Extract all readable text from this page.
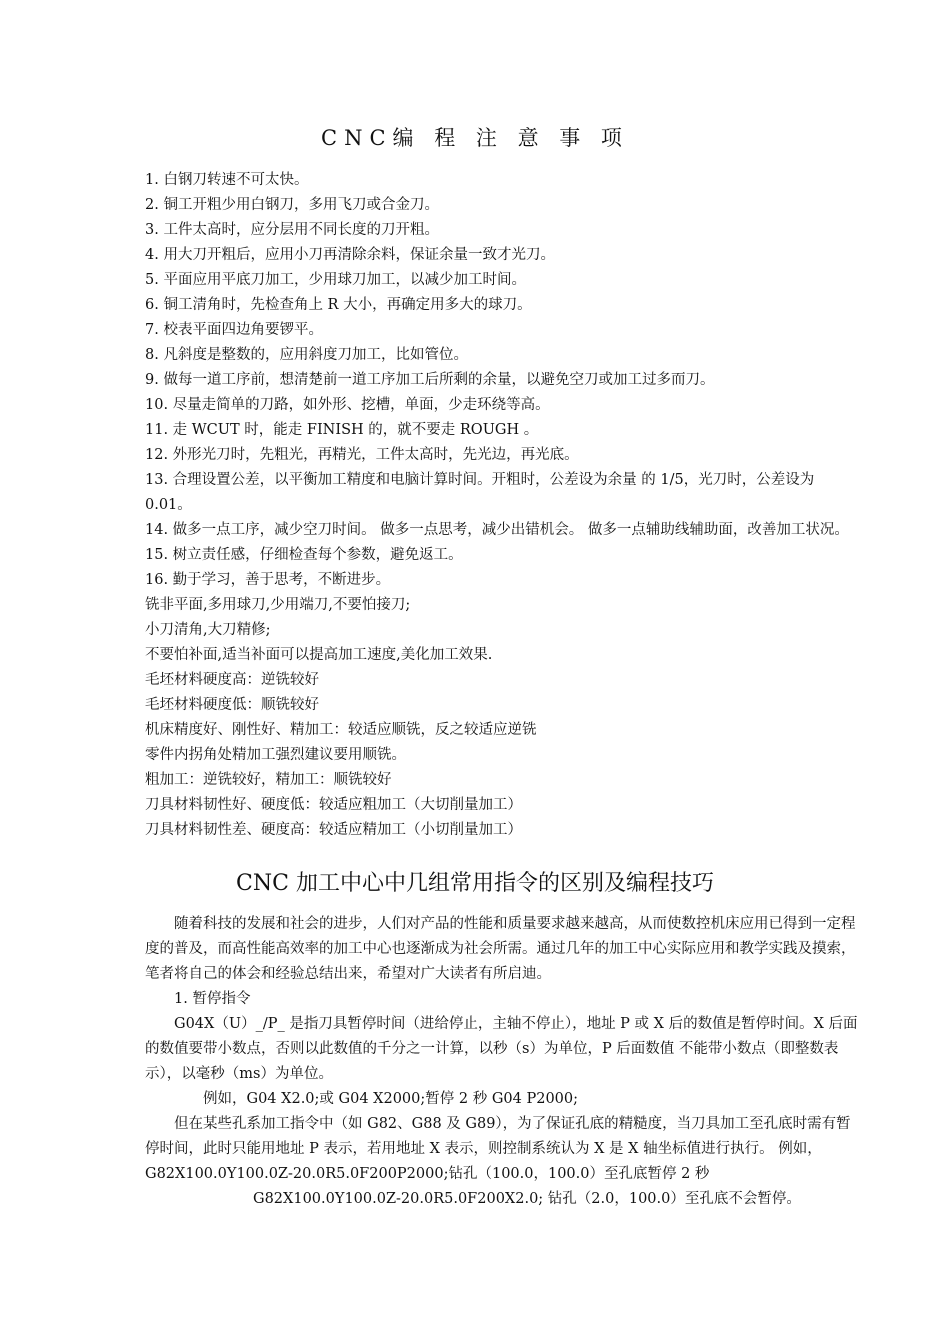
CNC编 程 注 意 事 项
1. 白钢刀转速不可太快。
2. 铜工开粗少用白钢刀，多用飞刀或合金刀。
3. 工件太高时，应分层用不同长度的刀开粗。
4. 用大刀开粗后，应用小刀再清除余料，保证余量一致才光刀。
5. 平面应用平底刀加工，少用球刀加工，以减少加工时间。
6. 铜工清角时，先检查角上 R 大小，再确定用多大的球刀。
7. 校表平面四边角要锣平。
8. 凡斜度是整数的，应用斜度刀加工，比如管位。
9. 做每一道工序前，想清楚前一道工序加工后所剩的余量，以避免空刀或加工过多而刀。
10. 尽量走简单的刀路，如外形、挖槽，单面，少走环绕等高。
11. 走 WCUT 时，能走 FINISH 的，就不要走 ROUGH 。
12. 外形光刀时，先粗光，再精光，工件太高时，先光边，再光底。
13. 合理设置公差，以平衡加工精度和电脑计算时间。开粗时，公差设为余量 的 1/5，光刀时，公差设为 0.01。
14. 做多一点工序，减少空刀时间。 做多一点思考，减少出错机会。 做多一点辅助线辅助面，改善加工状况。
15. 树立责任感，仔细检查每个参数，避免返工。
16. 勤于学习，善于思考，不断进步。
铣非平面,多用球刀,少用端刀,不要怕接刀;
小刀清角,大刀精修;
不要怕补面,适当补面可以提高加工速度,美化加工效果.
毛坯材料硬度高：逆铣较好
毛坯材料硬度低：顺铣较好
机床精度好、刚性好、精加工：较适应顺铣，反之较适应逆铣
零件内拐角处精加工强烈建议要用顺铣。
粗加工：逆铣较好，精加工：顺铣较好
刀具材料韧性好、硬度低：较适应粗加工（大切削量加工）
刀具材料韧性差、硬度高：较适应精加工（小切削量加工）
CNC 加工中心中几组常用指令的区别及编程技巧

随着科技的发展和社会的进步，人们对产品的性能和质量要求越来越高，从而使数控机床应用已得到一定程度的普及，而高性能高效率的加工中心也逐渐成为社会所需。通过几年的加工中心实际应用和教学实践及摸索，笔者将自己的体会和经验总结出来，希望对广大读者有所启迪。

1. 暂停指令

G04X（U）_/P_ 是指刀具暂停时间（进给停止，主轴不停止），地址 P 或 X 后的数值是暂停时间。X 后面的数值要带小数点，否则以此数值的千分之一计算，以秒（s）为单位，P 后面数值 不能带小数点（即整数表示），以毫秒（ms）为单位。

例如，G04 X2.0;或 G04 X2000;暂停 2 秒 G04 P2000;

但在某些孔系加工指令中（如 G82、G88 及 G89），为了保证孔底的精糙度，当刀具加工至孔底时需有暂停时间，此时只能用地址 P 表示，若用地址 X 表示，则控制系统认为 X 是 X 轴坐标值进行执行。 例如，G82X100.0Y100.0Z-20.0R5.0F200P2000;钻孔（100.0，100.0）至孔底暂停 2 秒

G82X100.0Y100.0Z-20.0R5.0F200X2.0; 钻孔（2.0，100.0）至孔底不会暂停。
